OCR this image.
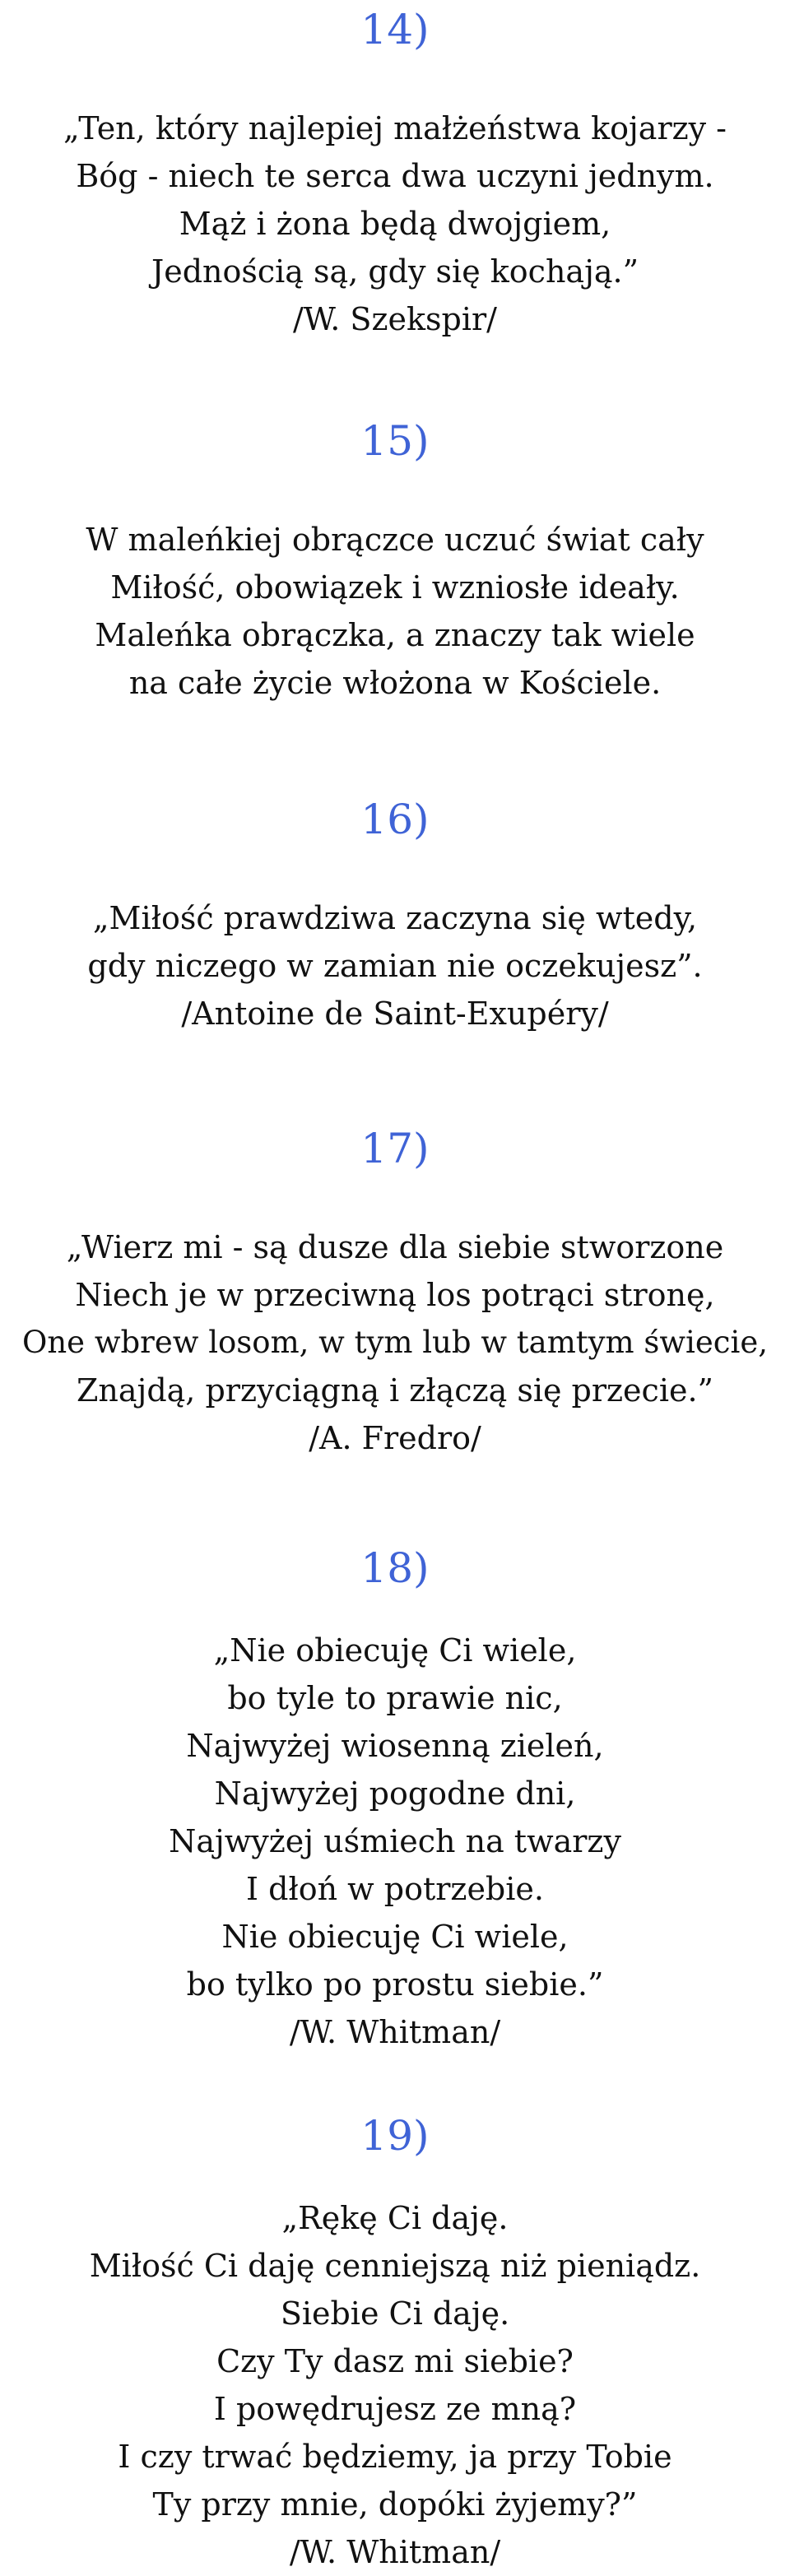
14)
„Ten, który najlepiej małżeństwa kojarzy -
Bóg - niech te serca dwa uczyni jednym.
Mąż i żona będą dwojgiem,
Jednością są, gdy się kochają.”
/W. Szekspir/
15)
W maleńkiej obrączce uczuć świat cały
Miłość, obowiązek i wzniosłe ideały.
Maleńka obrączka, a znaczy tak wiele
na całe życie włożona w Kościele.
16)
„Miłość prawdziwa zaczyna się wtedy,
gdy niczego w zamian nie oczekujesz”.
/Antoine de Saint-Exupéry/
17)
„Wierz mi - są dusze dla siebie stworzone
Niech je w przeciwną los potrąci stronę,
One wbrew losom, w tym lub w tamtym świecie,
Znajdą, przyciągną i złączą się przecie.”
/A. Fredro/
18)
„Nie obiecuję Ci wiele,
bo tyle to prawie nic,
Najwyżej wiosenną zieleń,
Najwyżej pogodne dni,
Najwyżej uśmiech na twarzy
I dłoń w potrzebie.
Nie obiecuję Ci wiele,
bo tylko po prostu siebie.”
/W. Whitman/
19)
„Rękę Ci daję.
Miłość Ci daję cenniejszą niż pieniądz.
Siebie Ci daję.
Czy Ty dasz mi siebie?
I powędrujesz ze mną?
I czy trwać będziemy, ja przy Tobie
Ty przy mnie, dopóki żyjemy?”
/W. Whitman/
